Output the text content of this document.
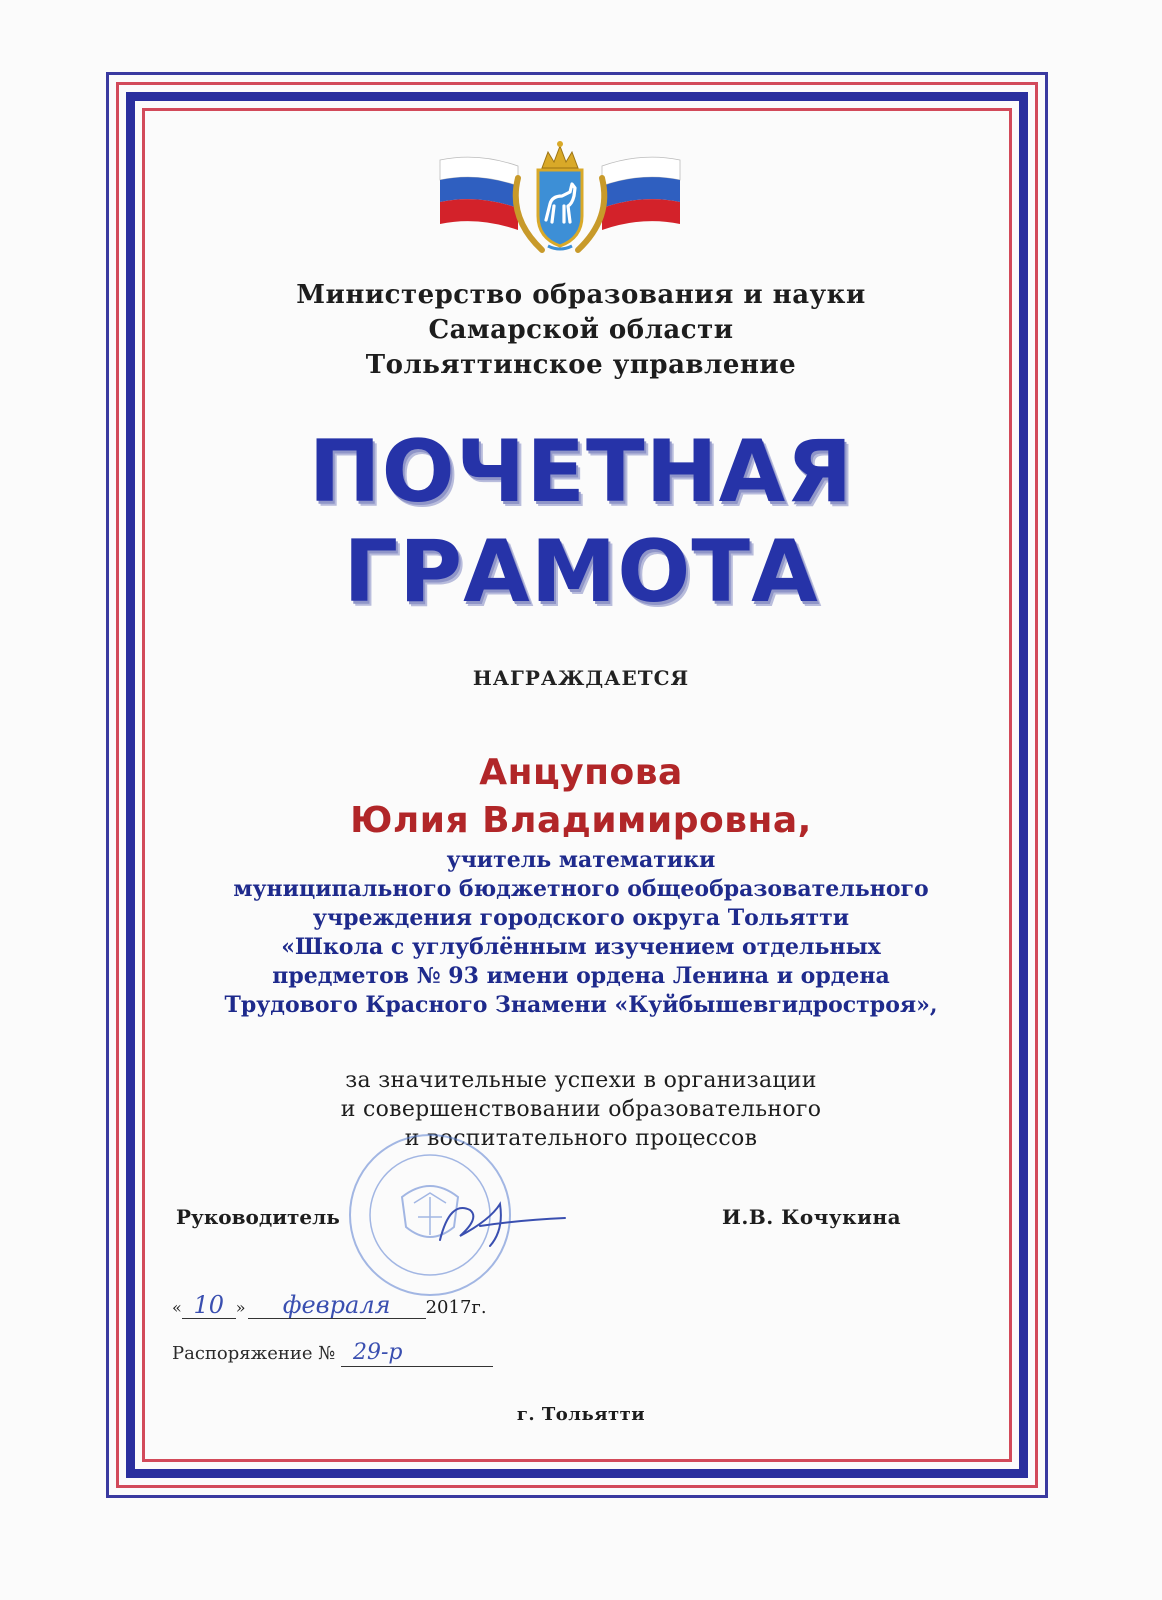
Министерство образования и науки
Самарской области
Тольяттинское управление
ПОЧЕТНАЯ
ГРАМОТА
НАГРАЖДАЕТСЯ
Анцупова
Юлия Владимировна,
учитель математики
муниципального бюджетного общеобразовательного
учреждения городского округа Тольятти
«Школа с углублённым изучением отдельных
предметов № 93 имени ордена Ленина и ордена
Трудового Красного Знамени «Куйбышевгидростроя»,
за значительные успехи в организации
и совершенствовании образовательного
и воспитательного процессов
Руководитель	И.В. Кочукина
« 10 » февраля 2017г.
Распоряжение № 29-р
г. Тольятти
